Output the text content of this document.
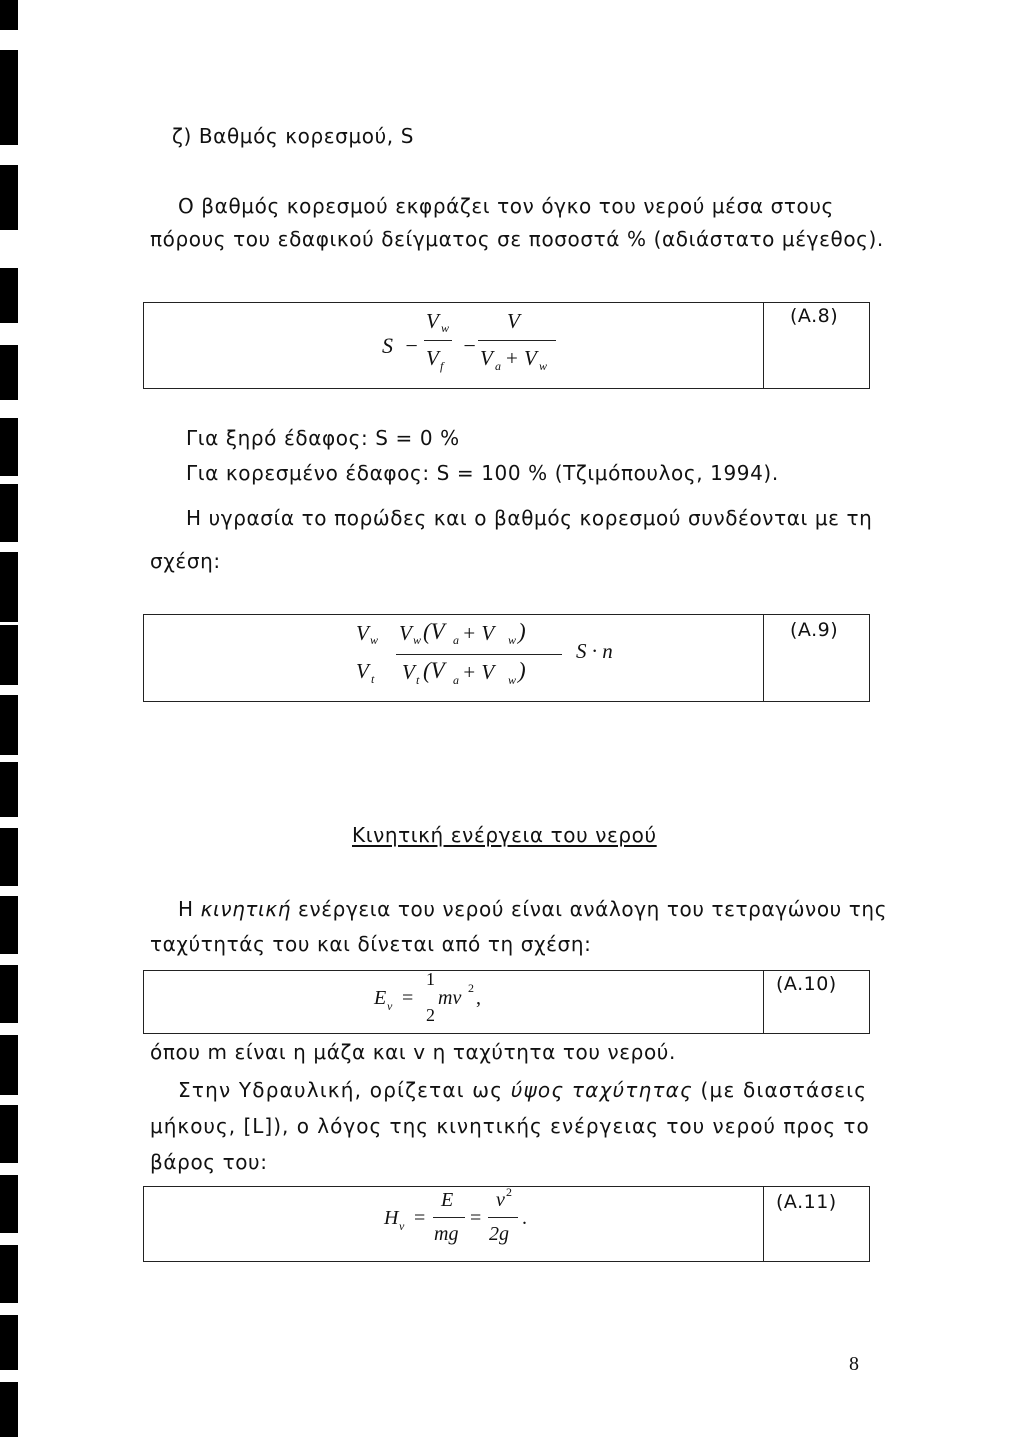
ζ) Βαθμός κορεσμού, S
Ο βαθμός κορεσμού εκφράζει τον όγκο του νερού μέσα στους
πόρους του εδαφικού δείγματος σε ποσοστά % (αδιάστατο μέγεθος).
(A.8)
S −
V w
V f
−
V
V a + V w
Για ξηρό έδαφος: S = 0 %
Για κορεσμένο έδαφος: S = 100 % (Τζιμόπουλος, 1994).
Η υγρασία το πορώδες και ο βαθμός κορεσμού συνδέονται με τη
σχέση:
(A.9)
V w
V t
V w (V a + V w )
V t (V a + V w )
S · n
Κινητική ενέργεια του νερού
Η κινητική ενέργεια του νερού είναι ανάλογη του τετραγώνου της
ταχύτητάς του και δίνεται από τη σχέση:
(A.10)
E v =
1
2
mv 2 ,
όπου m είναι η μάζα και v η ταχύτητα του νερού.
Στην Υδραυλική, ορίζεται ως ύψος ταχύτητας (με διαστάσεις
μήκους, [L]), ο λόγος της κινητικής ενέργειας του νερού προς το
βάρος του:
(A.11)
H v =
E
mg
=
v 2
2g
.
8
